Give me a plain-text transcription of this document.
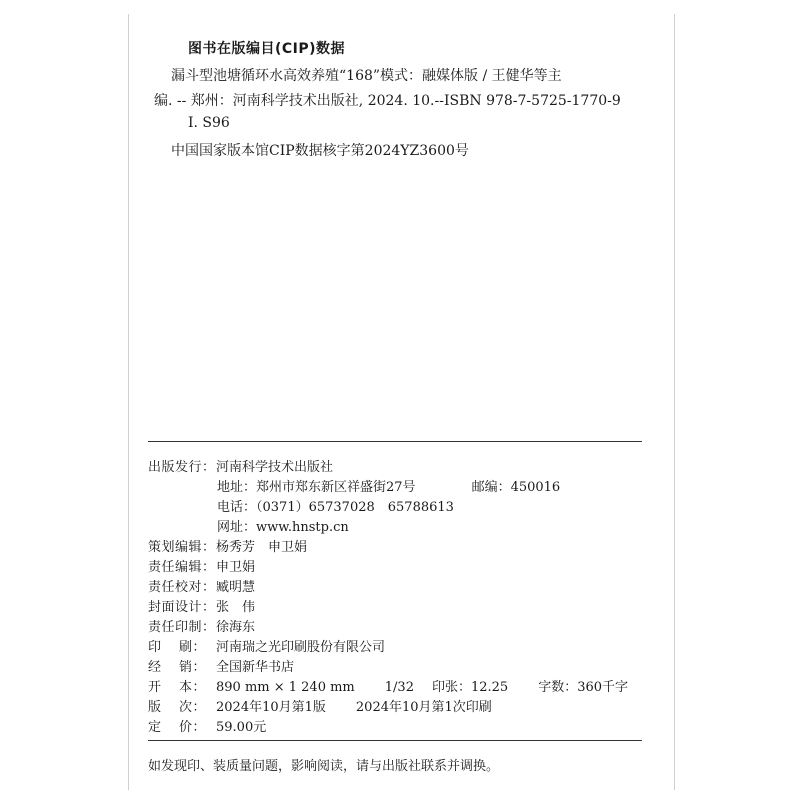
图书在版编目(CIP)数据
漏斗型池塘循环水高效养殖“168”模式：融媒体版 / 王健华等主
编. -- 郑州：河南科学技术出版社, 2024. 10.--ISBN 978-7-5725-1770-9
Ⅰ. S96
中国国家版本馆CIP数据核字第2024YZ3600号
出版发行：河南科学技术出版社
地址：郑州市郑东新区祥盛街27号	邮编：450016
电话：（0371）65737028　65788613
网址：www.hnstp.cn
策划编辑：杨秀芳　申卫娟
责任编辑：申卫娟
责任校对：臧明慧
封面设计：张　伟
责任印制：徐海东
印刷： 河南瑞之光印刷股份有限公司
经销： 全国新华书店
开本： 890 mm × 1 240 mm 1/32 印张：12.25 字数：360千字
版次： 2024年10月第1版 2024年10月第1次印刷
定价： 59.00元
如发现印、装质量问题，影响阅读，请与出版社联系并调换。
